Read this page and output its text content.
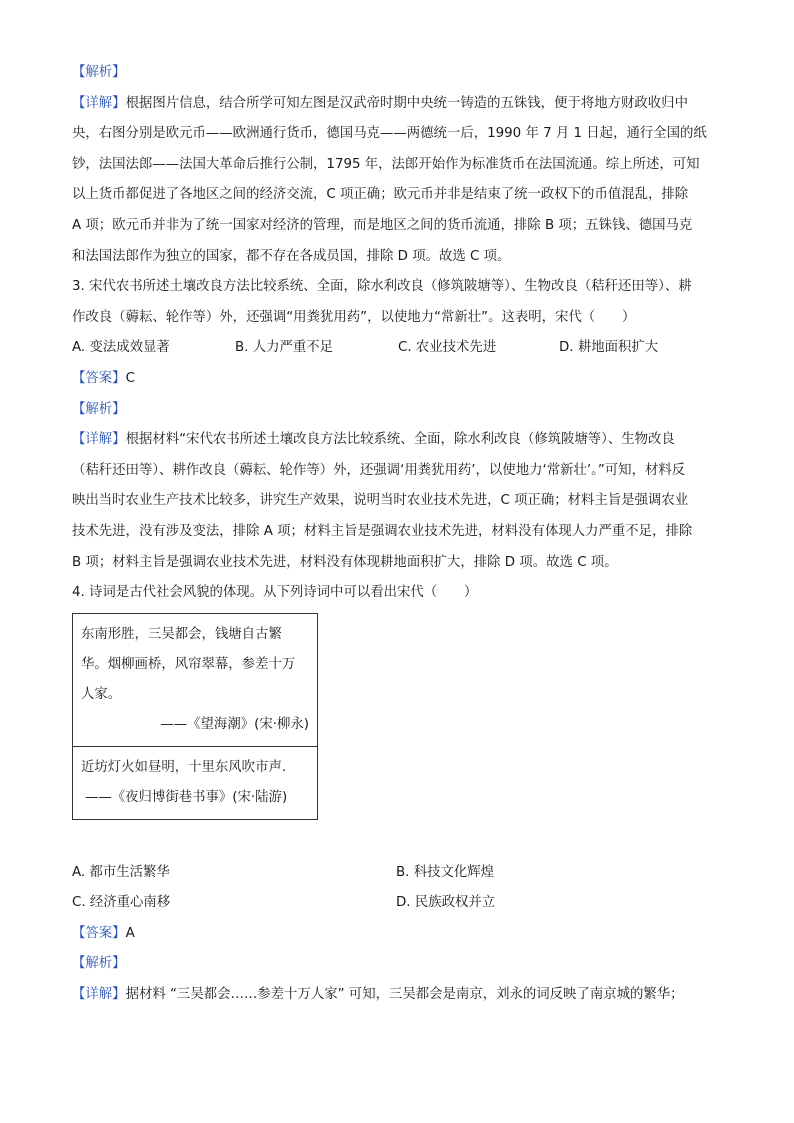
【解析】
【详解】根据图片信息，结合所学可知左图是汉武帝时期中央统一铸造的五铢钱，便于将地方财政收归中
央，右图分别是欧元币——欧洲通行货币，德国马克——两德统一后，1990 年 7 月 1 日起，通行全国的纸
钞，法国法郎——法国大革命后推行公制，1795 年，法郎开始作为标准货币在法国流通。综上所述，可知
以上货币都促进了各地区之间的经济交流，C 项正确；欧元币并非是结束了统一政权下的币值混乱，排除
A 项；欧元币并非为了统一国家对经济的管理，而是地区之间的货币流通，排除 B 项；五铢钱、德国马克
和法国法郎作为独立的国家，都不存在各成员国，排除 D 项。故选 C 项。
3. 宋代农书所述土壤改良方法比较系统、全面，除水利改良（修筑陂塘等）、生物改良（秸秆还田等）、耕
作改良（薅耘、轮作等）外，还强调“用粪犹用药”，以使地力“常新壮”。这表明，宋代（　　）
A. 变法成效显著	B. 人力严重不足	C. 农业技术先进	D. 耕地面积扩大
【答案】C
【解析】
【详解】根据材料“宋代农书所述土壤改良方法比较系统、全面，除水利改良（修筑陂塘等）、生物改良
（秸秆还田等）、耕作改良（薅耘、轮作等）外，还强调‘用粪犹用药’，以使地力‘常新壮’。”可知，材料反
映出当时农业生产技术比较多，讲究生产效果，说明当时农业技术先进，C 项正确；材料主旨是强调农业
技术先进，没有涉及变法，排除 A 项；材料主旨是强调农业技术先进，材料没有体现人力严重不足，排除
B 项；材料主旨是强调农业技术先进，材料没有体现耕地面积扩大，排除 D 项。故选 C 项。
4. 诗词是古代社会风貌的体现。从下列诗词中可以看出宋代（　　）
东南形胜，三吴都会，钱塘自古繁
华。烟柳画桥，风帘翠幕，参差十万
人家。
——《望海潮》(宋·柳永)

近坊灯火如昼明，十里东风吹市声.
——《夜归博街巷书事》(宋·陆游)
A. 都市生活繁华	B. 科技文化辉煌
C. 经济重心南移	D. 民族政权并立
【答案】A
【解析】
【详解】据材料 “三吴都会……参差十万人家” 可知，三吴都会是南京，刘永的词反映了南京城的繁华；
